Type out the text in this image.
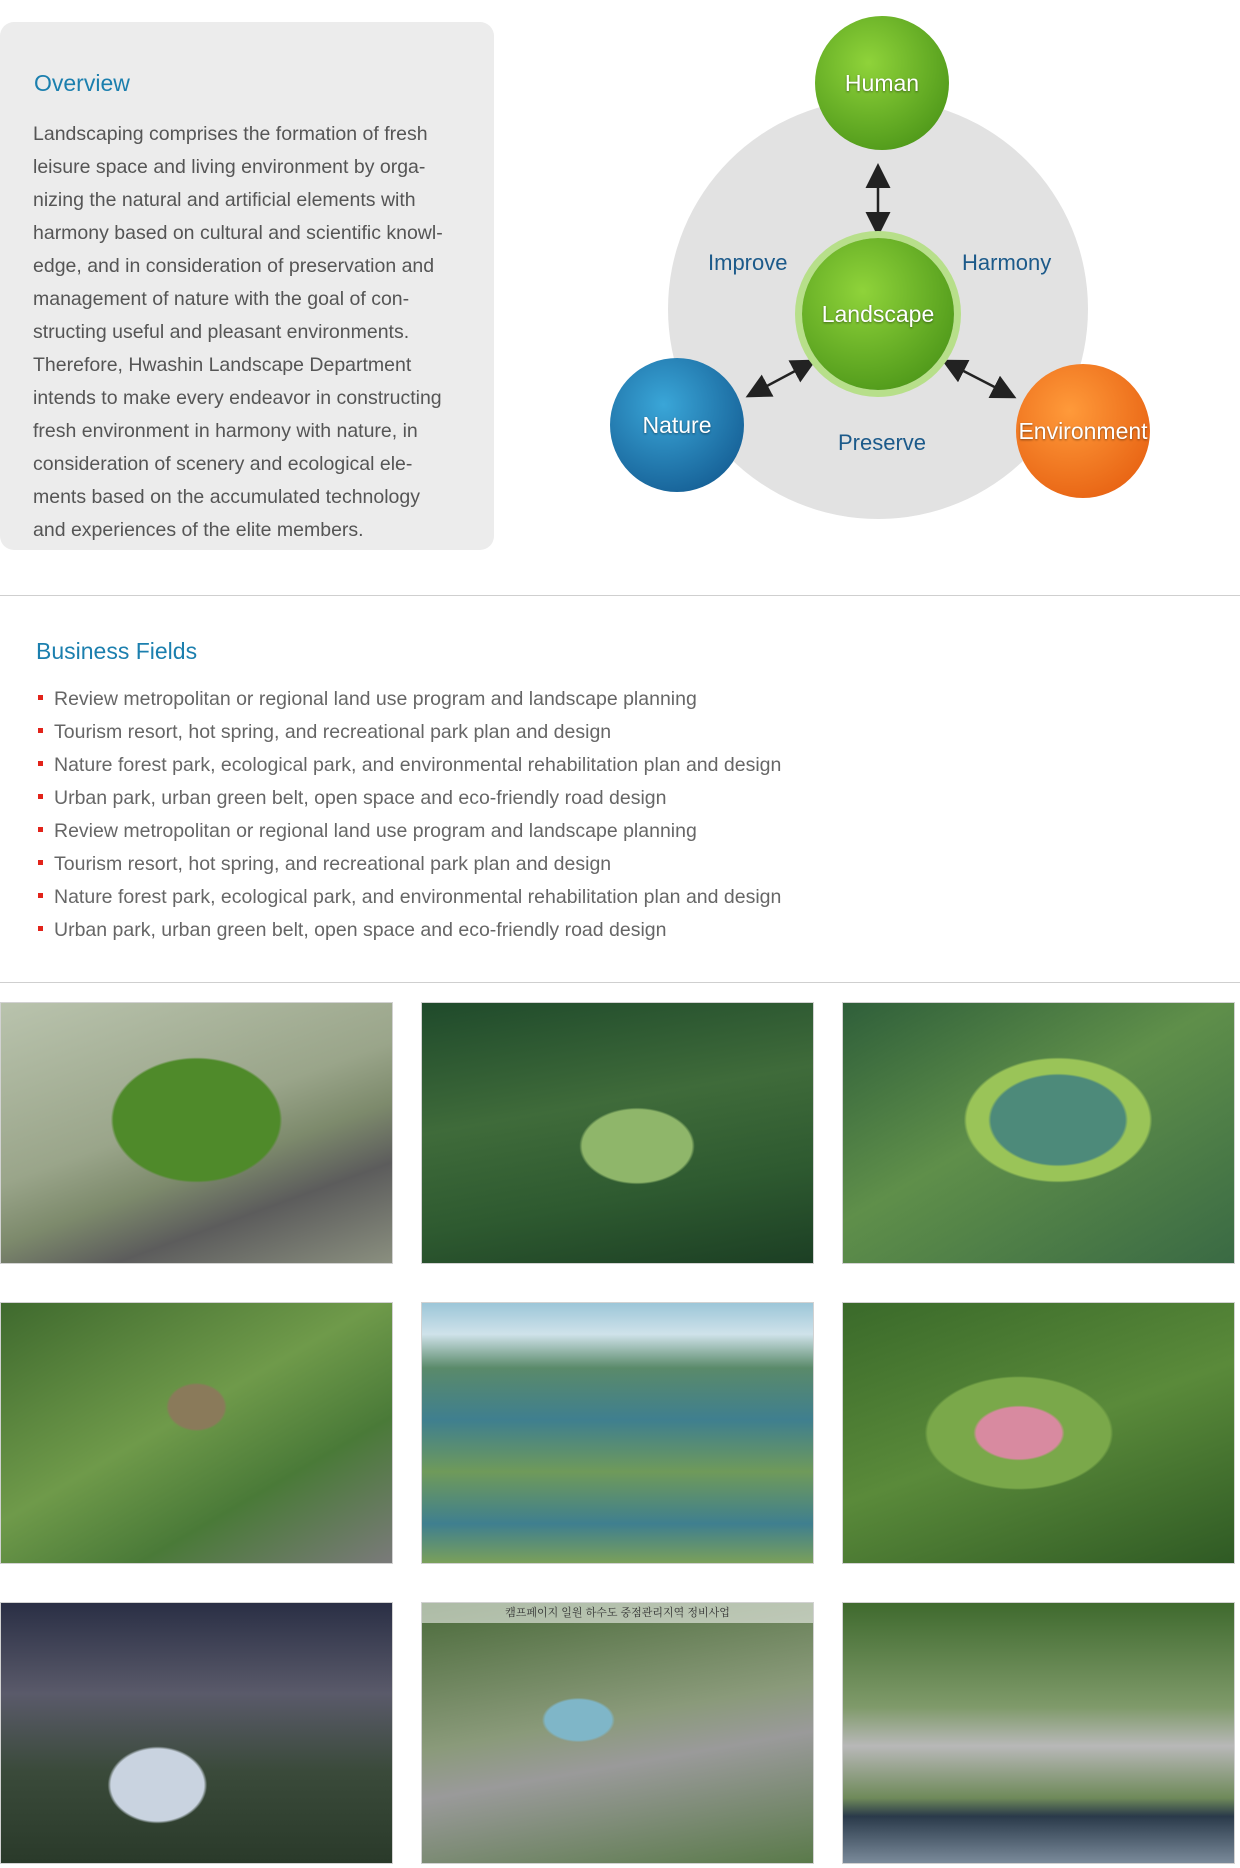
Overview

Landscaping comprises the formation of fresh
leisure space and living environment by orga-
nizing the natural and artificial elements with
harmony based on cultural and scientific knowl-
edge, and in consideration of preservation and
management of nature with the goal of con-
structing useful and pleasant environments.
Therefore, Hwashin Landscape Department
intends to make every endeavor in constructing
fresh environment in harmony with nature, in
consideration of scenery and ecological ele-
ments based on the accumulated technology
and experiences of the elite members.

Human
Landscape
Nature	Environment
Improve	Harmony
Preserve
Business Fields
Review metropolitan or regional land use program and landscape planning
Tourism resort, hot spring, and recreational park plan and design
Nature forest park, ecological park, and environmental rehabilitation plan and design
Urban park, urban green belt, open space and eco-friendly road design
Review metropolitan or regional land use program and landscape planning
Tourism resort, hot spring, and recreational park plan and design
Nature forest park, ecological park, and environmental rehabilitation plan and design
Urban park, urban green belt, open space and eco-friendly road design
캠프페이지 일원 하수도 중점관리지역 정비사업
